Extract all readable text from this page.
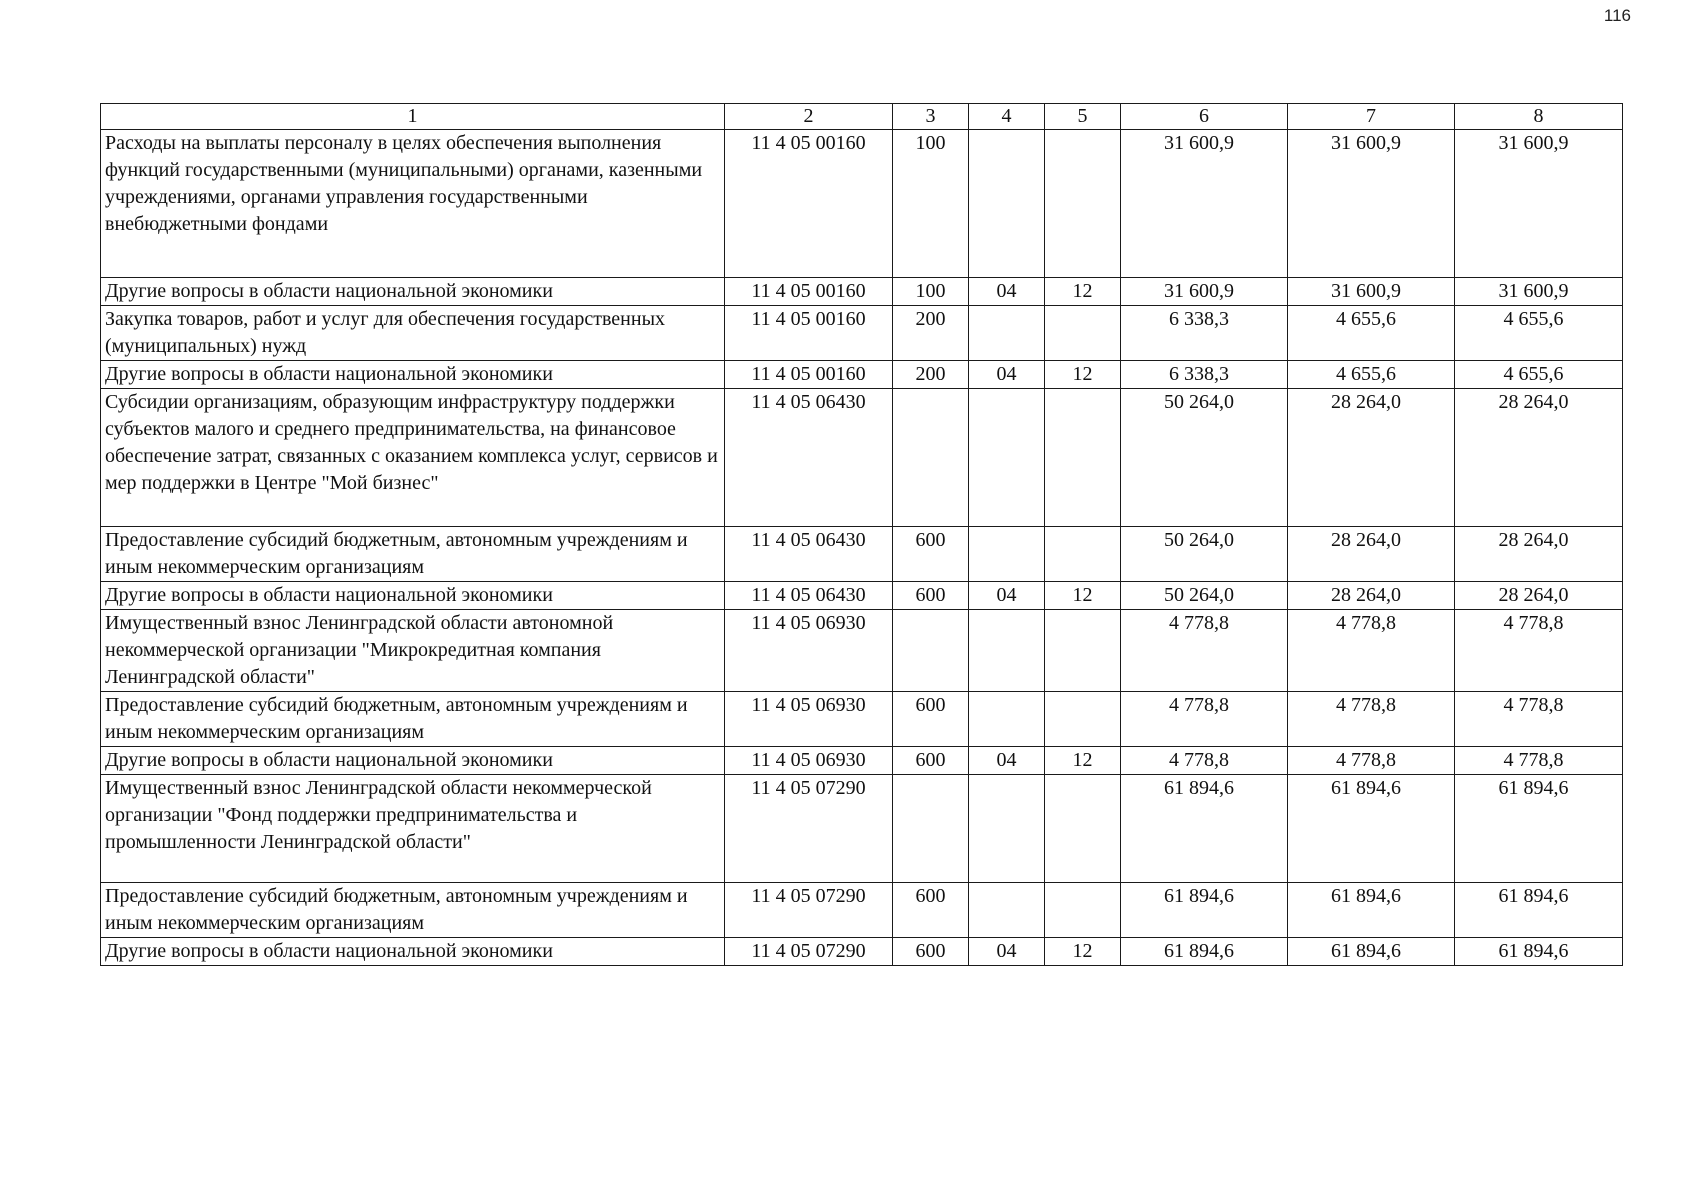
116
1	2	3	4	5	6	7	8
Расходы на выплаты персоналу в целях обеспечения выполнения функций государственными (муниципальными) органами, казенными учреждениями, органами управления государственными внебюджетными фондами	11 4 05 00160	100			31 600,9	31 600,9	31 600,9
Другие вопросы в области национальной экономики	11 4 05 00160	100	04	12	31 600,9	31 600,9	31 600,9
Закупка товаров, работ и услуг для обеспечения государственных (муниципальных) нужд	11 4 05 00160	200			6 338,3	4 655,6	4 655,6
Другие вопросы в области национальной экономики	11 4 05 00160	200	04	12	6 338,3	4 655,6	4 655,6
Субсидии организациям, образующим инфраструктуру поддержки субъектов малого и среднего предпринимательства, на финансовое обеспечение затрат, связанных с оказанием комплекса услуг, сервисов и мер поддержки в Центре "Мой бизнес"	11 4 05 06430				50 264,0	28 264,0	28 264,0
Предоставление субсидий бюджетным, автономным учреждениям и иным некоммерческим организациям	11 4 05 06430	600			50 264,0	28 264,0	28 264,0
Другие вопросы в области национальной экономики	11 4 05 06430	600	04	12	50 264,0	28 264,0	28 264,0
Имущественный взнос Ленинградской области автономной некоммерческой организации "Микрокредитная компания Ленинградской области"	11 4 05 06930				4 778,8	4 778,8	4 778,8
Предоставление субсидий бюджетным, автономным учреждениям и иным некоммерческим организациям	11 4 05 06930	600			4 778,8	4 778,8	4 778,8
Другие вопросы в области национальной экономики	11 4 05 06930	600	04	12	4 778,8	4 778,8	4 778,8
Имущественный взнос Ленинградской области некоммерческой организации "Фонд поддержки предпринимательства и промышленности Ленинградской области"	11 4 05 07290				61 894,6	61 894,6	61 894,6
Предоставление субсидий бюджетным, автономным учреждениям и иным некоммерческим организациям	11 4 05 07290	600			61 894,6	61 894,6	61 894,6
Другие вопросы в области национальной экономики	11 4 05 07290	600	04	12	61 894,6	61 894,6	61 894,6
